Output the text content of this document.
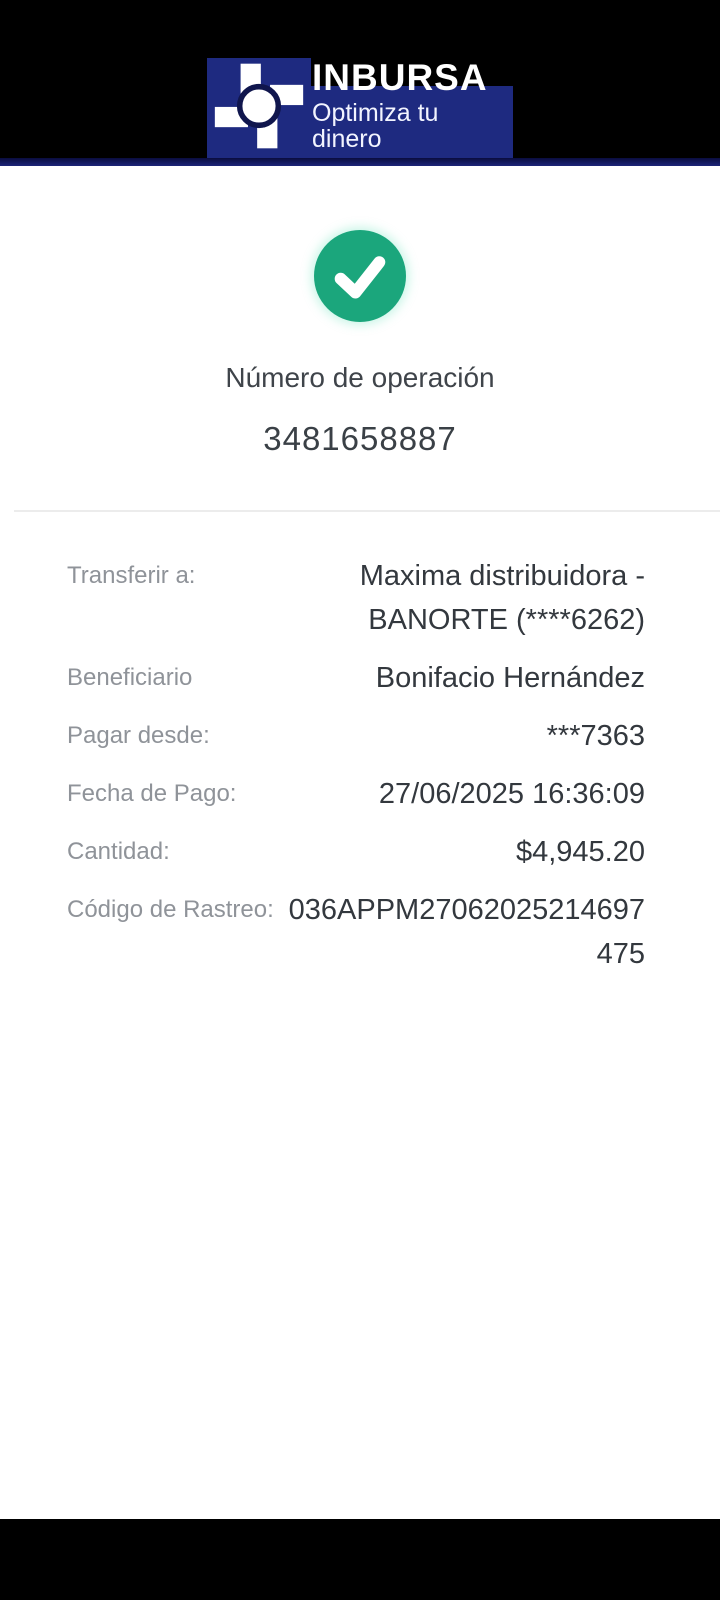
INBURSA
Optimiza tu dinero
Número de operación
3481658887
Transferir a:	Maxima distribuidora -BANORTE (****6262)
Beneficiario	Bonifacio Hernández
Pagar desde:	***7363
Fecha de Pago:	27/06/2025 16:36:09
Cantidad:	$4,945.20
Código de Rastreo: 036APPM27062025214697475
